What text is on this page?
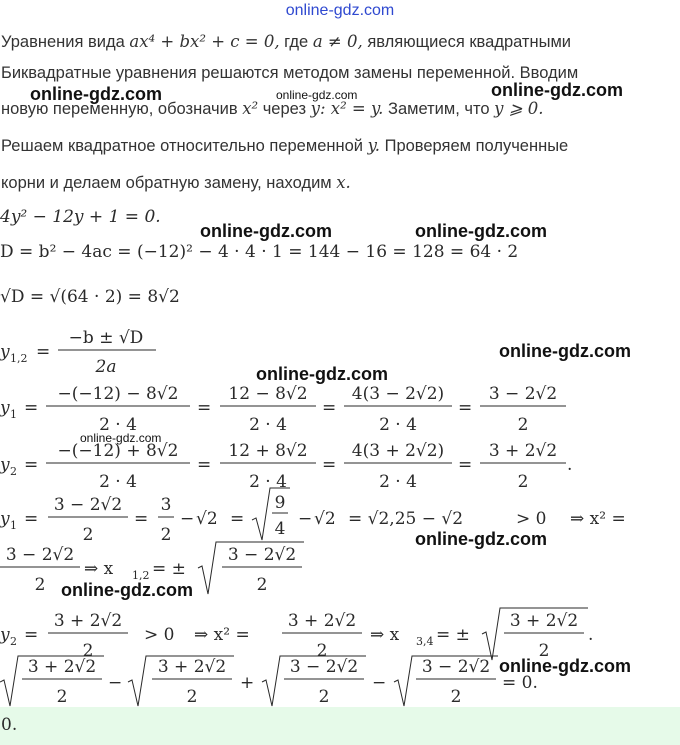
online-gdz.com
Уравнения вида ax⁴ + bx² + c = 0, где a ≠ 0, являющиеся квадратными
Биквадратные уравнения решаются методом замены переменной. Вводим
новую переменную, обозначив x² через y: x² = y. Заметим, что y ⩾ 0.
Решаем квадратное относительно переменной y. Проверяем полученные
корни и делаем обратную замену, находим x.
4y² − 12y + 1 = 0.
D = b² − 4ac = (−12)² − 4 · 4 · 1 = 144 − 16 = 128 = 64 · 2
√D = √(64 · 2) = 8√2
y 1,2 =
−b ± √D
2a
y 1 =
−(−12) − 8√2
2 · 4
=
12 − 8√2
2 · 4
=
4(3 − 2√2)
2 · 4
=
3 − 2√2
2
y 2 =
−(−12) + 8√2
2 · 4
=
12 + 8√2
2 · 4
=
4(3 + 2√2)
2 · 4
=
3 + 2√2
2
.
y 1 =
3 − 2√2
2
=
3
2
− √2 =
9
4 − √2 = √2,25 − √2	> 0 ⇒ x² =
3 − 2√2
2
⇒ x 1,2 = ±
3 − 2√2
2
y 2 =
3 + 2√2
2
> 0 ⇒ x² =
3 + 2√2
2
⇒ x 3,4 = ±
3 + 2√2
2
.
3 + 2√2
2
−
3 + 2√2
2
+
3 − 2√2
2
−
3 − 2√2
2
= 0.
online-gdz.com	online-gdz.com	online-gdz.com
online-gdz.com	online-gdz.com
online-gdz.com
online-gdz.com
online-gdz.com
online-gdz.com
online-gdz.com
online-gdz.com
0.
